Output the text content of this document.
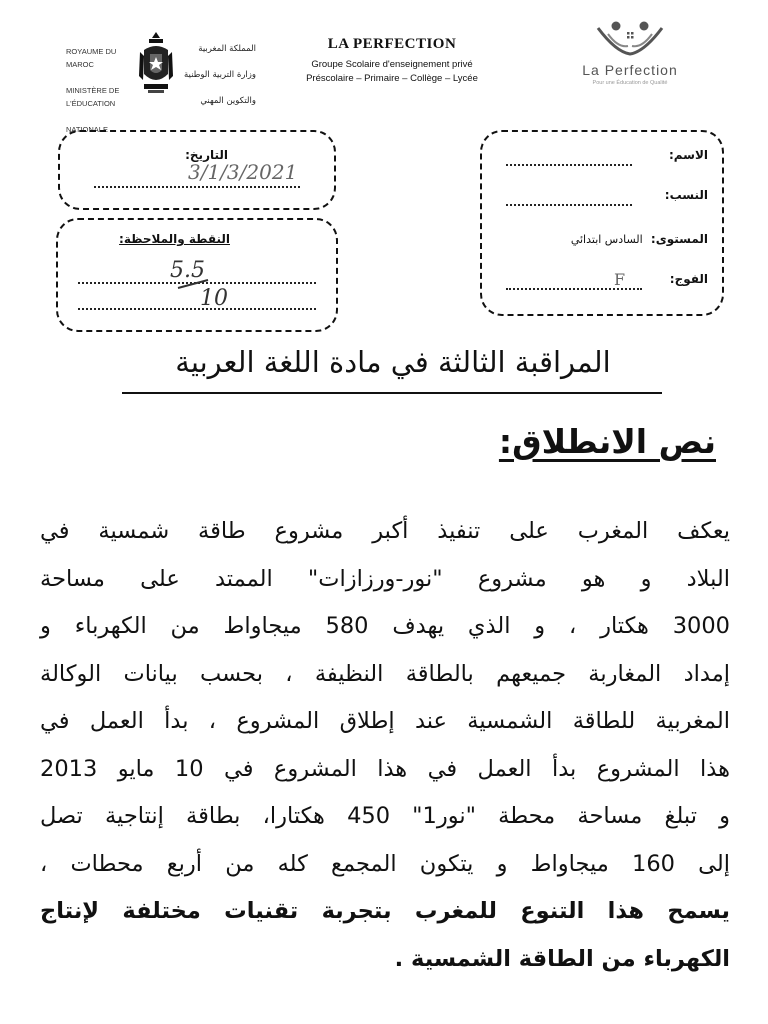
ROYAUME DU MAROC

MINISTÈRE DE L'ÉDUCATION

NATIONALE

المملكة المغربية

وزارة التربية الوطنية

والتكوين المهني

LA PERFECTION
Groupe Scolaire d'enseignement privé
Préscolaire – Primaire – Collège – Lycée
La Perfection
Pour une Éducation de Qualité
التاريخ:
3/1/3/2021
النقطة والملاحظة:
5.5
10
الاسم:
النسب:
المستوى: السادس ابتدائي
الفوج:
F
المراقبة الثالثة في مادة اللغة العربية
نص الانطلاق:
يعكف المغرب على تنفيذ أكبر مشروع طاقة شمسية في
البلاد و هو مشروع "نور-ورزازات" الممتد على مساحة
3000 هكتار ، و الذي يهدف 580 ميجاواط من الكهرباء و
إمداد المغاربة جميعهم بالطاقة النظيفة ، بحسب بيانات الوكالة
المغربية للطاقة الشمسية عند إطلاق المشروع ، بدأ العمل في
هذا المشروع بدأ العمل في هذا المشروع في 10 مايو 2013
و تبلغ مساحة محطة "نور1" 450 هكتارا، بطاقة إنتاجية تصل
إلى 160 ميجاواط و يتكون المجمع كله من أربع محطات ،
يسمح هذا التنوع للمغرب بتجربة تقنيات مختلفة لإنتاج
الكهرباء من الطاقة الشمسية .
